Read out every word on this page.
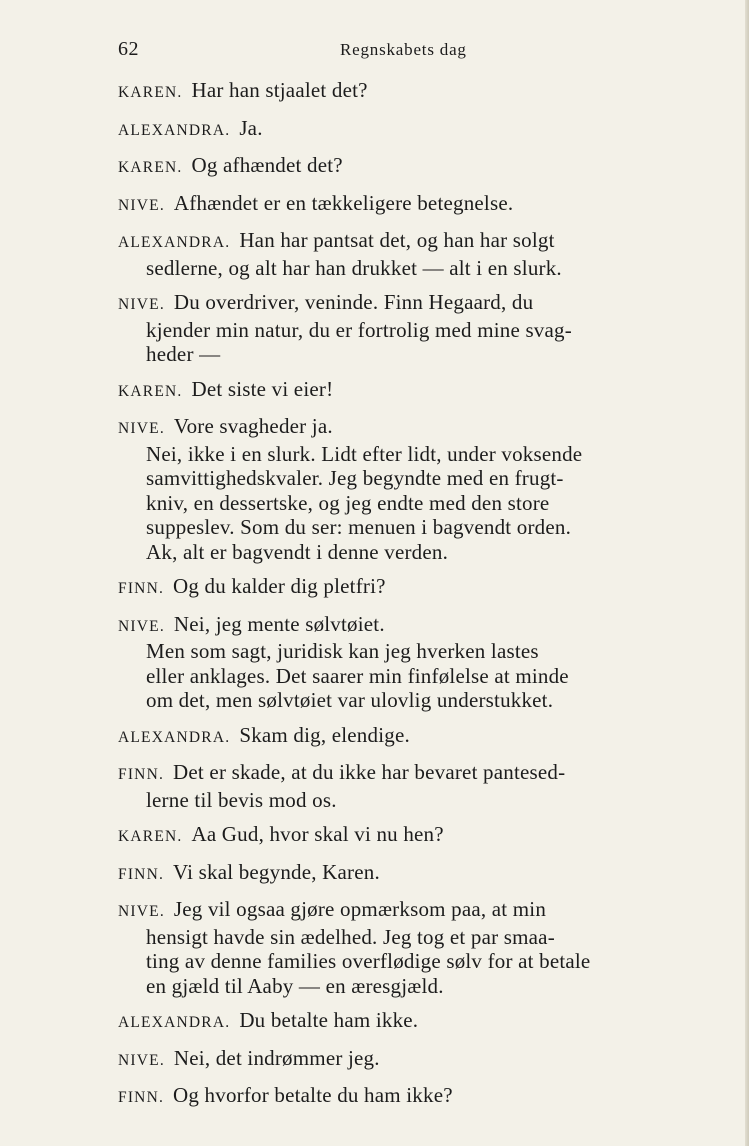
62	Regnskabets dag
KAREN. Har han stjaalet det?
ALEXANDRA. Ja.
KAREN. Og afhændet det?
NIVE. Afhændet er en tækkeligere betegnelse.
ALEXANDRA. Han har pantsat det, og han har solgt
sedlerne, og alt har han drukket — alt i en slurk.
NIVE. Du overdriver, veninde. Finn Hegaard, du
kjender min natur, du er fortrolig med mine svag-
heder —
KAREN. Det siste vi eier!
NIVE. Vore svagheder ja.
Nei, ikke i en slurk. Lidt efter lidt, under voksende
samvittighedskvaler. Jeg begyndte med en frugt-
kniv, en dessertske, og jeg endte med den store
suppeslev. Som du ser: menuen i bagvendt orden.
Ak, alt er bagvendt i denne verden.
FINN. Og du kalder dig pletfri?
NIVE. Nei, jeg mente sølvtøiet.
Men som sagt, juridisk kan jeg hverken lastes
eller anklages. Det saarer min finfølelse at minde
om det, men sølvtøiet var ulovlig understukket.
ALEXANDRA. Skam dig, elendige.
FINN. Det er skade, at du ikke har bevaret pantesed-
lerne til bevis mod os.
KAREN. Aa Gud, hvor skal vi nu hen?
FINN. Vi skal begynde, Karen.
NIVE. Jeg vil ogsaa gjøre opmærksom paa, at min
hensigt havde sin ædelhed. Jeg tog et par smaa-
ting av denne families overflødige sølv for at betale
en gjæld til Aaby — en æresgjæld.
ALEXANDRA. Du betalte ham ikke.
NIVE. Nei, det indrømmer jeg.
FINN. Og hvorfor betalte du ham ikke?
